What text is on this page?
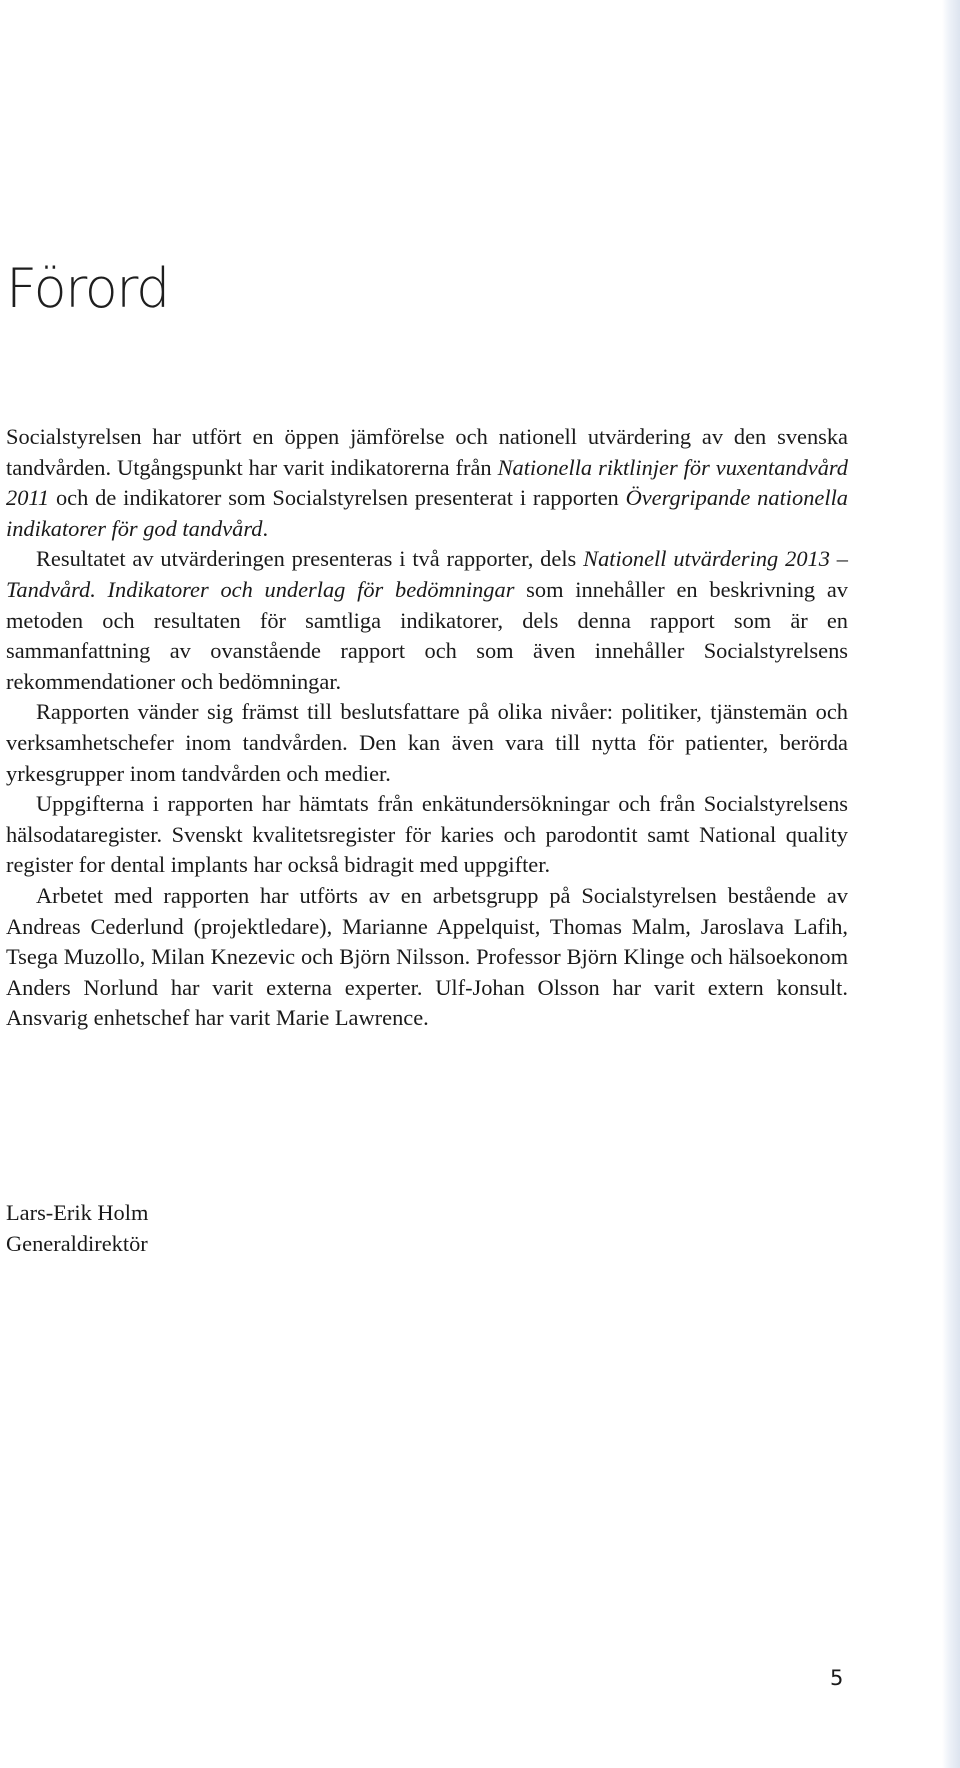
Förord

Socialstyrelsen har utfört en öppen jämförelse och nationell utvärdering av den svenska tandvården. Utgångspunkt har varit indikatorerna från Nationella riktlinjer för vuxentandvård 2011 och de indikatorer som Socialstyrelsen presenterat i rapporten Övergripande nationella indikatorer för god tandvård.

Resultatet av utvärderingen presenteras i två rapporter, dels Nationell utvärdering 2013 – Tandvård. Indikatorer och underlag för bedömningar som innehåller en beskrivning av metoden och resultaten för samtliga indikatorer, dels denna rapport som är en sammanfattning av ovanstående rapport och som även innehåller Socialstyrelsens rekommendationer och bedömningar.

Rapporten vänder sig främst till beslutsfattare på olika nivåer: politiker, tjänstemän och verksamhetschefer inom tandvården. Den kan även vara till nytta för patienter, berörda yrkesgrupper inom tandvården och medier.

Uppgifterna i rapporten har hämtats från enkätundersökningar och från Socialstyrelsens hälsodataregister. Svenskt kvalitetsregister för karies och parodontit samt National quality register for dental implants har också bidragit med uppgifter.

Arbetet med rapporten har utförts av en arbetsgrupp på Socialstyrelsen bestående av Andreas Cederlund (projektledare), Marianne Appelquist, Thomas Malm, Jaroslava Lafih, Tsega Muzollo, Milan Knezevic och Björn Nilsson. Professor Björn Klinge och hälsoekonom Anders Norlund har varit externa experter. Ulf-Johan Olsson har varit extern konsult. Ansvarig enhetschef har varit Marie Lawrence.

Lars-Erik Holm
Generaldirektör
5
